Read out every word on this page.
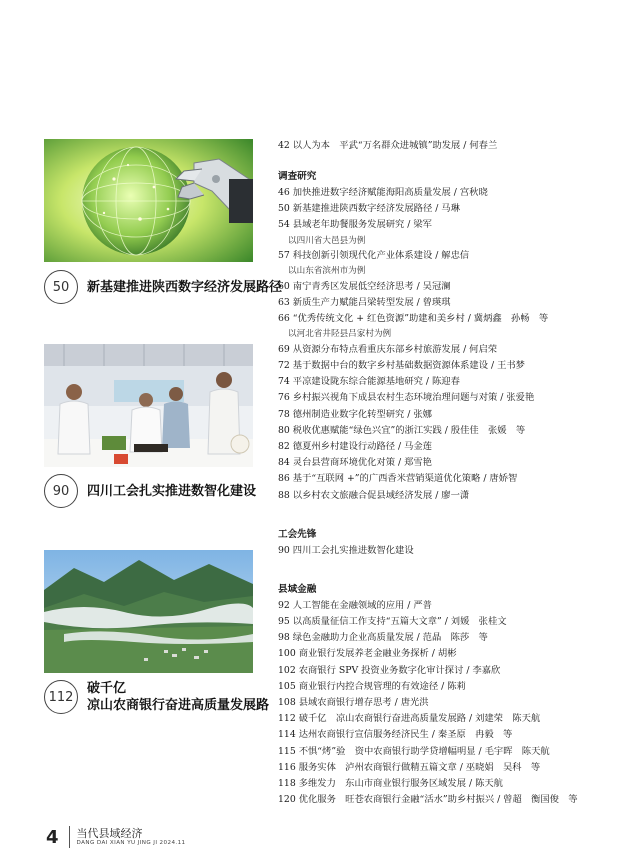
50	新基建推进陕西数字经济发展路径
90	四川工会扎实推进数智化建设
112
破千亿
凉山农商银行奋进高质量发展路
42 以人为本　平武“万名群众进城镇”助发展 / 何春兰
调查研究
46 加快推进数字经济赋能海阳高质量发展 / 宫秋晓
50 新基建推进陕西数字经济发展路径 / 马琳
54 县域老年助餐服务发展研究 / 梁军
以四川省大邑县为例
57 科技创新引领现代化产业体系建设 / 解忠信
以山东省滨州市为例
60 南宁青秀区发展低空经济思考 / 吴冠澜
63 新质生产力赋能吕梁转型发展 / 曾瑛琪
66 “优秀传统文化 + 红色资源”助建和美乡村 / 冀炳鑫　孙畅　等
以河北省井陉县吕家村为例
69 从资源分布特点看重庆东部乡村旅游发展 / 何启荣
72 基于数据中台的数字乡村基础数据资源体系建设 / 王书梦
74 平凉建设陇东综合能源基地研究 / 陈迎春
76 乡村振兴视角下成县农村生态环境治理问题与对策 / 张爱艳
78 德州制造业数字化转型研究 / 张娜
80 税收优惠赋能“绿色兴宜”的浙江实践 / 殷佳佳　张媛　等
82 德夏州乡村建设行动路径 / 马金莲
84 灵台县营商环境优化对策 / 郑雪艳
86 基于“互联网 +”的广西香米营销渠道优化策略 / 唐娇智
88 以乡村农文旅融合促县域经济发展 / 廖一潇
工会先锋
90 四川工会扎实推进数智化建设
县域金融
92 人工智能在金融领域的应用 / 严普
95 以高质量征信工作支持“五篇大文章” / 刘媛　张桂文
98 绿色金融助力企业高质量发展 / 范晶　陈莎　等
100 商业银行发展养老金融业务探析 / 胡彬
102 农商银行 SPV 投资业务数字化审计探讨 / 李嘉欣
105 商业银行内控合规管理的有效途径 / 陈莉
108 县域农商银行增存思考 / 唐光洪
112 破千亿　凉山农商银行奋进高质量发展路 / 刘建荣　陈天航
114 达州农商银行宣信服务经济民生 / 秦圣原　冉毅　等
115 不惧“烤”验　资中农商银行助学贷增幅明显 / 毛宇晖　陈天航
116 服务实体　泸州农商银行做精五篇文章 / 巫晓娟　吴科　等
118 多维发力　东山市商业银行服务区域发展 / 陈天航
120 优化服务　旺苍农商银行金融“活水”助乡村振兴 / 曾超　衡国俊　等
4 当代县域经济
DANG DAI XIAN YU JING JI 2024.11
